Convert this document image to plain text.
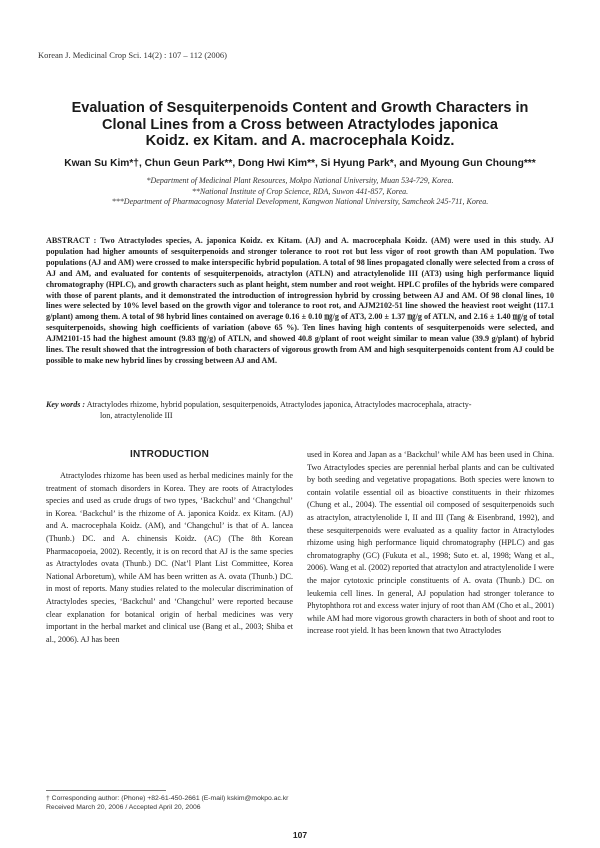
Korean J. Medicinal Crop Sci. 14(2) : 107 – 112 (2006)
Evaluation of Sesquiterpenoids Content and Growth Characters in
Clonal Lines from a Cross between Atractylodes japonica
Koidz. ex Kitam. and A. macrocephala Koidz.
Kwan Su Kim*†, Chun Geun Park**, Dong Hwi Kim**, Si Hyung Park*, and Myoung Gun Choung***
*Department of Medicinal Plant Resources, Mokpo National University, Muan 534-729, Korea.
**National Institute of Crop Science, RDA, Suwon 441-857, Korea.
***Department of Pharmacognosy Material Development, Kangwon National University, Samcheok 245-711, Korea.
ABSTRACT : Two Atractylodes species, A. japonica Koidz. ex Kitam. (AJ) and A. macrocephala Koidz. (AM) were used in this study. AJ population had higher amounts of sesquiterpenoids and stronger tolerance to root rot but less vigor of root growth than AM population. Two populations (AJ and AM) were crossed to make interspecific hybrid population. A total of 98 lines propagated clonally were selected from a cross of AJ and AM, and evaluated for contents of sesquiterpenoids, atractylon (ATLN) and atractylenolide III (AT3) using high performance liquid chromatography (HPLC), and growth characters such as plant height, stem number and root weight. HPLC profiles of the hybrids were compared with those of parent plants, and it demonstrated the introduction of introgression hybrid by crossing between AJ and AM. Of 98 clonal lines, 10 lines were selected by 10% level based on the growth vigor and tolerance to root rot, and AJM2102-51 line showed the heaviest root weight (117.1 g/plant) among them. A total of 98 hybrid lines contained on average 0.16 ± 0.10 ㎎/g of AT3, 2.00 ± 1.37 ㎎/g of ATLN, and 2.16 ± 1.40 ㎎/g of total sesquiterpenoids, showing high coefficients of variation (above 65 %). Ten lines having high contents of sesquiterpenoids were selected, and AJM2101-15 had the highest amount (9.83 ㎎/g) of ATLN, and showed 40.8 g/plant of root weight similar to mean value (39.9 g/plant) of hybrid lines. The result showed that the introgression of both characters of vigorous growth from AM and high sesquiterpenoids content from AJ could be possible to make new hybrid lines by crossing between AJ and AM.
Key words : Atractylodes rhizome, hybrid population, sesquiterpenoids, Atractylodes japonica, Atractylodes macrocephala, atracty-
lon, atractylenolide III
INTRODUCTION
Atractylodes rhizome has been used as herbal medicines mainly for the treatment of stomach disorders in Korea. They are roots of Atractylodes species and used as crude drugs of two types, ‘Backchul’ and ‘Changchul’ in Korea. ‘Backchul’ is the rhizome of A. japonica Koidz. ex Kitam. (AJ) and A. macrocephala Koidz. (AM), and ‘Changchul’ is that of A. lancea (Thunb.) DC. and A. chinensis Koidz. (AC) (The 8th Korean Pharmacopoeia, 2002). Recently, it is on record that AJ is the same species as Atractylodes ovata (Thunb.) DC. (Nat’l Plant List Committee, Korea National Arboretum), while AM has been written as A. ovata (Thunb.) DC. in most of reports. Many studies related to the molecular discrimination of Atractylodes species, ‘Backchul’ and ‘Changchul’ were reported because clear explanation for botanical origin of herbal medicines was very important in the herbal market and clinical use (Bang et al., 2003; Shiba et al., 2006). AJ has been
used in Korea and Japan as a ‘Backchul’ while AM has been used in China. Two Atractylodes species are perennial herbal plants and can be cultivated by both seeding and vegetative propagations. Both species were known to contain volatile essential oil as bioactive constituents in their rhizomes (Chung et al., 2004). The essential oil composed of sesquiterpenoids such as atractylon, atractylenolide I, II and III (Tang & Eisenbrand, 1992), and these sesquiterpenoids were evaluated as a quality factor in Atractylodes rhizome using high performance liquid chromatography (HPLC) and gas chromatography (GC) (Fukuta et al., 1998; Suto et. al, 1998; Wang et al., 2006). Wang et al. (2002) reported that atractylon and atractylenolide I were the major cytotoxic principle constituents of A. ovata (Thunb.) DC. on leukemia cell lines. In general, AJ population had stronger tolerance to Phytophthora rot and excess water injury of root than AM (Cho et al., 2001) while AM had more vigorous growth characters in both of shoot and root to increase root yield. It has been known that two Atractylodes
† Corresponding author: (Phone) +82-61-450-2661 (E-mail) kskim@mokpo.ac.kr
Received March 20, 2006 / Accepted April 20, 2006
107
